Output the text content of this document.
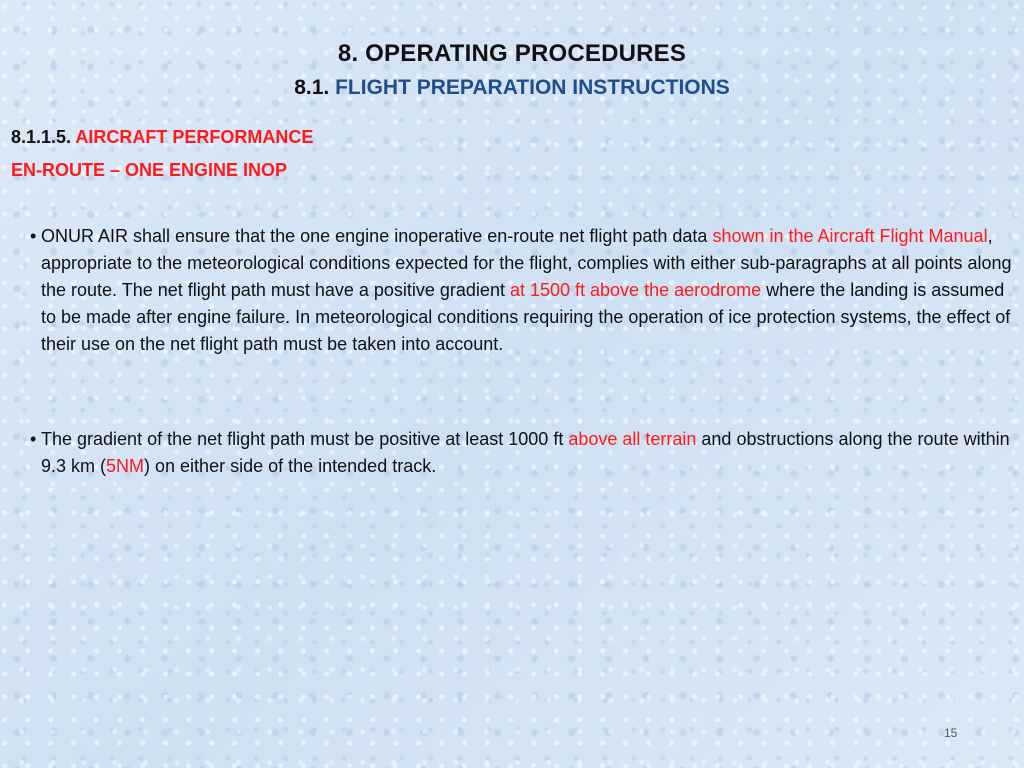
8. OPERATING PROCEDURES
8.1. FLIGHT PREPARATION INSTRUCTIONS
8.1.1.5. AIRCRAFT PERFORMANCE
EN-ROUTE – ONE ENGINE INOP
• ONUR AIR shall ensure that the one engine inoperative en-route net flight path data shown in the Aircraft Flight Manual, appropriate to the meteorological conditions expected for the flight, complies with either sub-paragraphs at all points along the route. The net flight path must have a positive gradient at 1500 ft above the aerodrome where the landing is assumed to be made after engine failure. In meteorological conditions requiring the operation of ice protection systems, the effect of their use on the net flight path must be taken into account.
• The gradient of the net flight path must be positive at least 1000 ft above all terrain and obstructions along the route within 9.3 km (5NM) on either side of the intended track.
15
